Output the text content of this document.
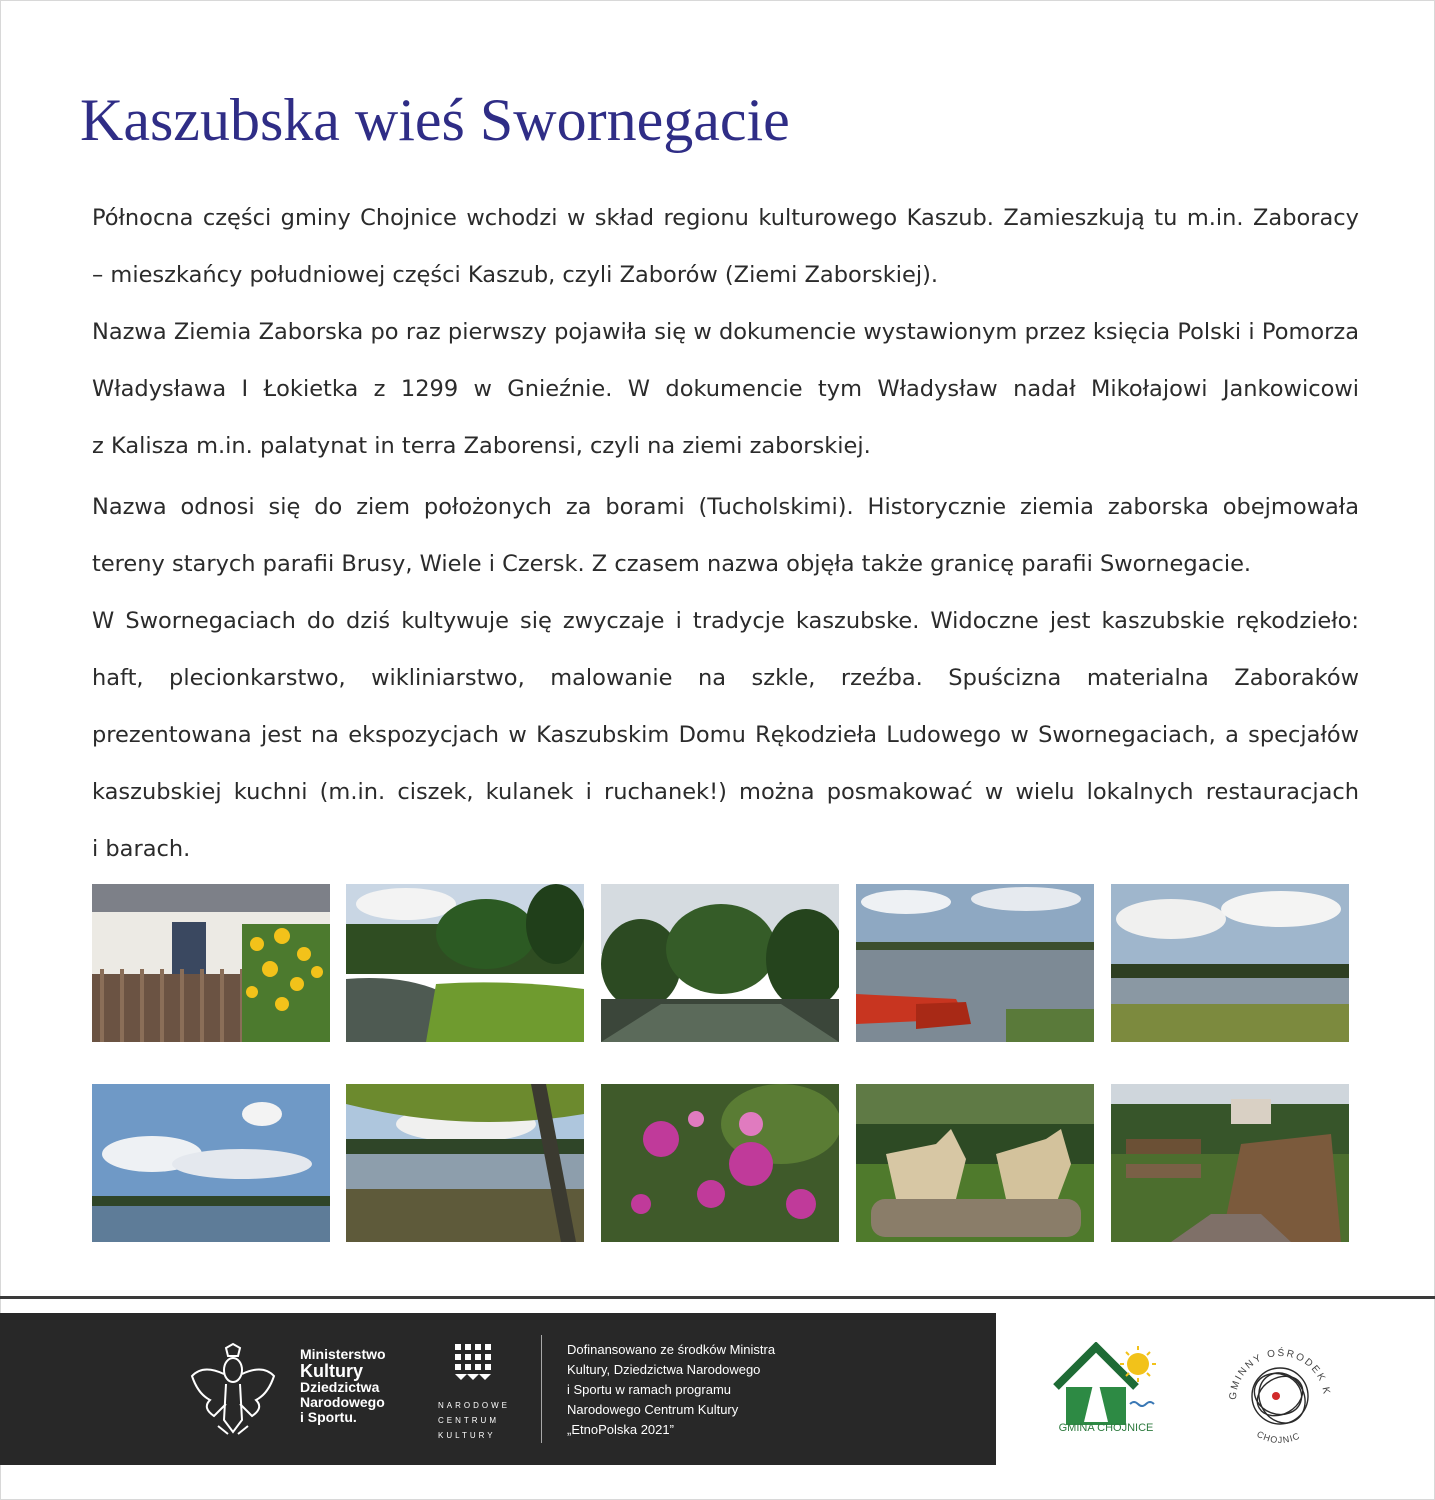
Kaszubska wieś Swornegacie
Północna części gminy Chojnice wchodzi w skład regionu kulturowego Kaszub. Zamieszkują tu m.in. Zaboracy
– mieszkańcy południowej części Kaszub, czyli Zaborów (Ziemi Zaborskiej).
Nazwa Ziemia Zaborska po raz pierwszy pojawiła się w dokumencie wystawionym przez księcia Polski i Pomorza
Władysława I Łokietka z 1299 w Gnieźnie. W dokumencie tym Władysław nadał Mikołajowi Jankowicowi
z Kalisza m.in. palatynat in terra Zaborensi, czyli na ziemi zaborskiej.
Nazwa odnosi się do ziem położonych za borami (Tucholskimi). Historycznie ziemia zaborska obejmowała
tereny starych parafii Brusy, Wiele i Czersk. Z czasem nazwa objęła także granicę parafii Swornegacie.
W Swornegaciach do dziś kultywuje się zwyczaje i tradycje kaszubske. Widoczne jest kaszubskie rękodzieło:
haft, plecionkarstwo, wikliniarstwo, malowanie na szkle, rzeźba. Spuścizna materialna Zaboraków
prezentowana jest na ekspozycjach w Kaszubskim Domu Rękodzieła Ludowego w Swornegaciach, a specjałów
kaszubskiej kuchni (m.in. ciszek, kulanek i ruchanek!) można posmakować w wielu lokalnych restauracjach
i barach.
Ministerstwo
Kultury
Dziedzictwa
Narodowego
i Sportu.
NARODOWE
CENTRUM
KULTURY
Dofinansowano ze środków Ministra
Kultury, Dziedzictwa Narodowego
i Sportu w ramach programu
Narodowego Centrum Kultury
„EtnoPolska 2021”	GMINA CHOJNICE
GMINNY OŚRODEK K
CHOJNIC
